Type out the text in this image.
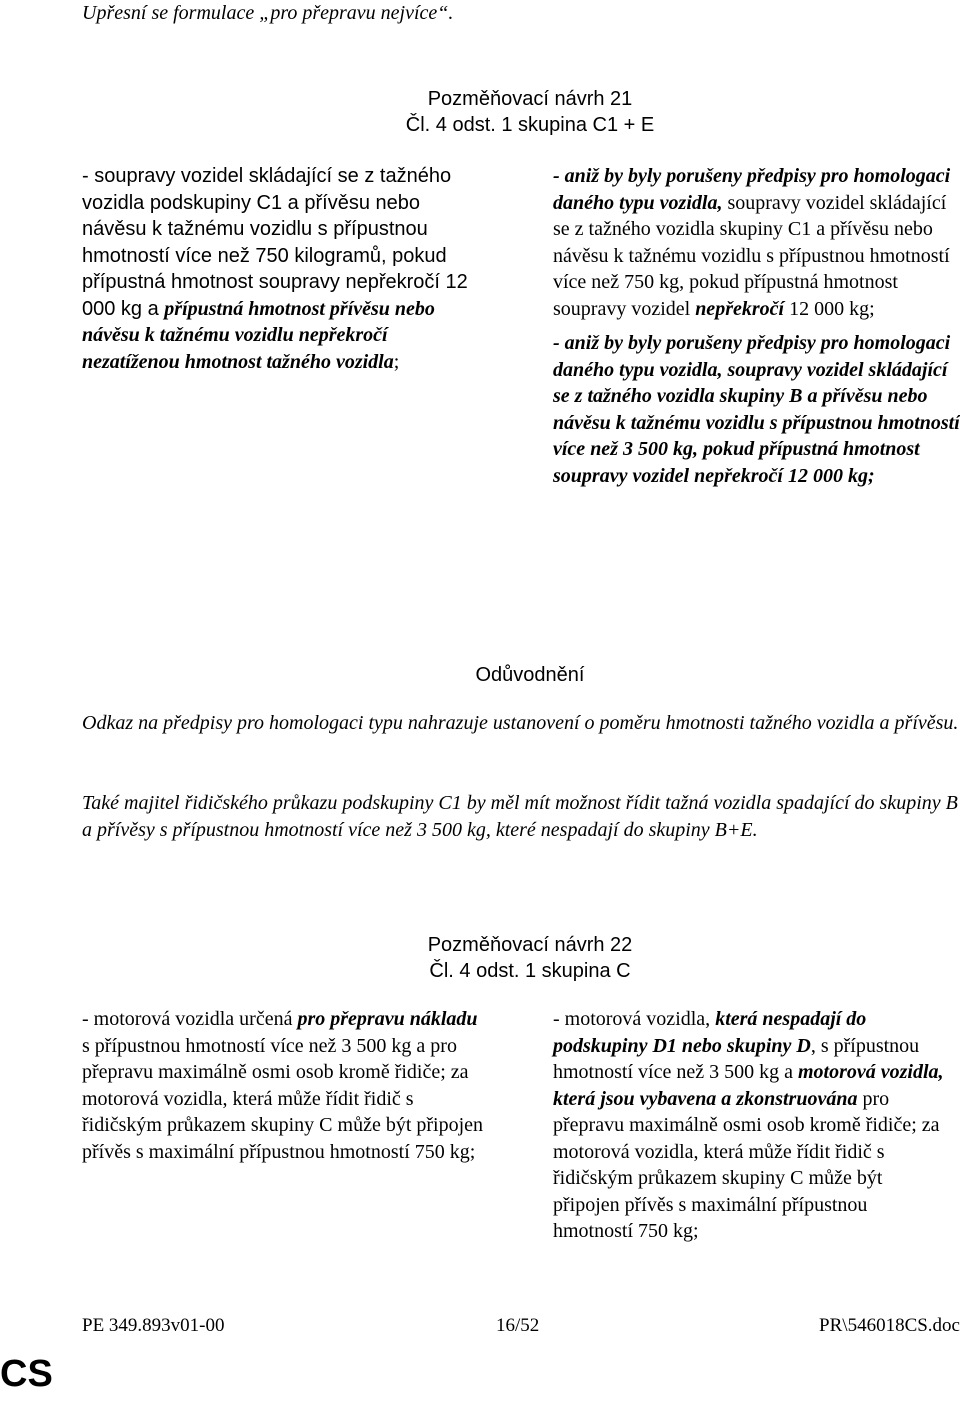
Upřesní se formulace „pro přepravu nejvíce“.
Pozměňovací návrh 21
Čl. 4 odst. 1 skupina C1 + E
- soupravy vozidel skládající se z tažného vozidla podskupiny C1 a přívěsu nebo návěsu k tažnému vozidlu s přípustnou hmotností více než 750 kilogramů, pokud přípustná hmotnost soupravy nepřekročí 12 000 kg a přípustná hmotnost přívěsu nebo návěsu k tažnému vozidlu nepřekročí nezatíženou hmotnost tažného vozidla;

- aniž by byly porušeny předpisy pro homologaci daného typu vozidla, soupravy vozidel skládající se z tažného vozidla skupiny C1 a přívěsu nebo návěsu k tažnému vozidlu s přípustnou hmotností více než 750 kg, pokud přípustná hmotnost soupravy vozidel nepřekročí 12 000 kg;

- aniž by byly porušeny předpisy pro homologaci daného typu vozidla, soupravy vozidel skládající se z tažného vozidla skupiny B a přívěsu nebo návěsu k tažnému vozidlu s přípustnou hmotností více než 3 500 kg, pokud přípustná hmotnost soupravy vozidel nepřekročí 12 000 kg;

Odůvodnění
Odkaz na předpisy pro homologaci typu nahrazuje ustanovení o poměru hmotnosti tažného vozidla a přívěsu.
Také majitel řidičského průkazu podskupiny C1 by měl mít možnost řídit tažná vozidla spadající do skupiny B a přívěsy s přípustnou hmotností více než 3 500 kg, které nespadají do skupiny B+E.
Pozměňovací návrh 22
Čl. 4 odst. 1 skupina C
- motorová vozidla určená pro přepravu nákladu s přípustnou hmotností více než 3 500 kg a pro přepravu maximálně osmi osob kromě řidiče; za motorová vozidla, která může řídit řidič s řidičským průkazem skupiny C může být připojen přívěs s maximální přípustnou hmotností 750 kg;
- motorová vozidla, která nespadají do podskupiny D1 nebo skupiny D, s přípustnou hmotností více než 3 500 kg a motorová vozidla, která jsou vybavena a zkonstruována pro přepravu maximálně osmi osob kromě řidiče; za motorová vozidla, která může řídit řidič s řidičským průkazem skupiny C může být připojen přívěs s maximální přípustnou hmotností 750 kg;
PE 349.893v01-00	16/52	PR\546018CS.doc
CS
